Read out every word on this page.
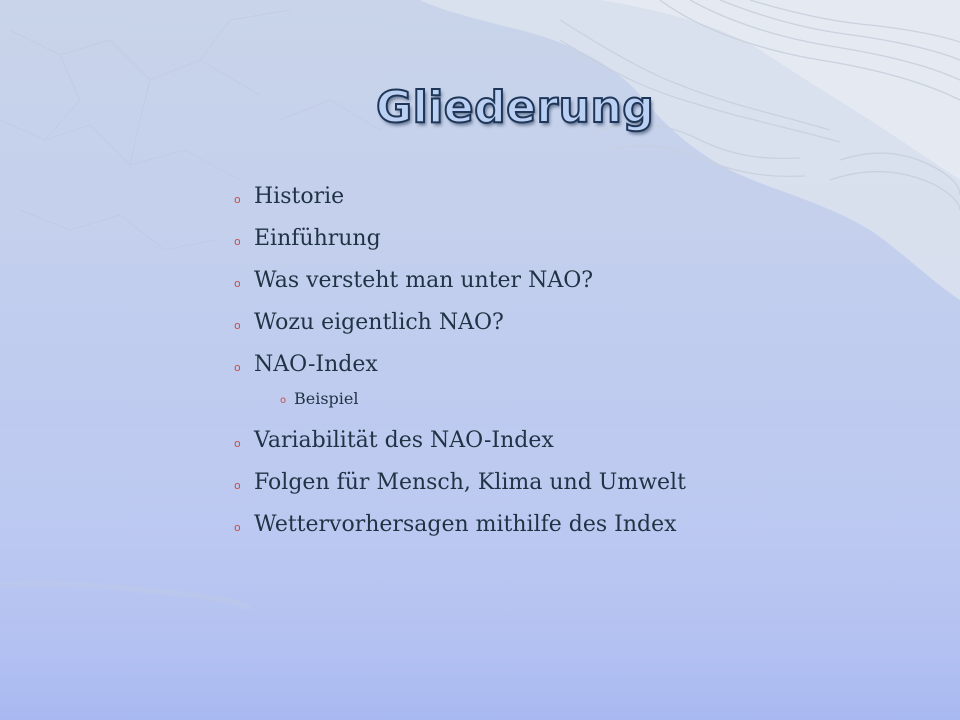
Gliederung
o Historie
o Einführung
o Was versteht man unter NAO?
o Wozu eigentlich NAO?
o NAO-Index
o Beispiel
o Variabilität des NAO-Index
o Folgen für Mensch, Klima und Umwelt
o Wettervorhersagen mithilfe des Index
